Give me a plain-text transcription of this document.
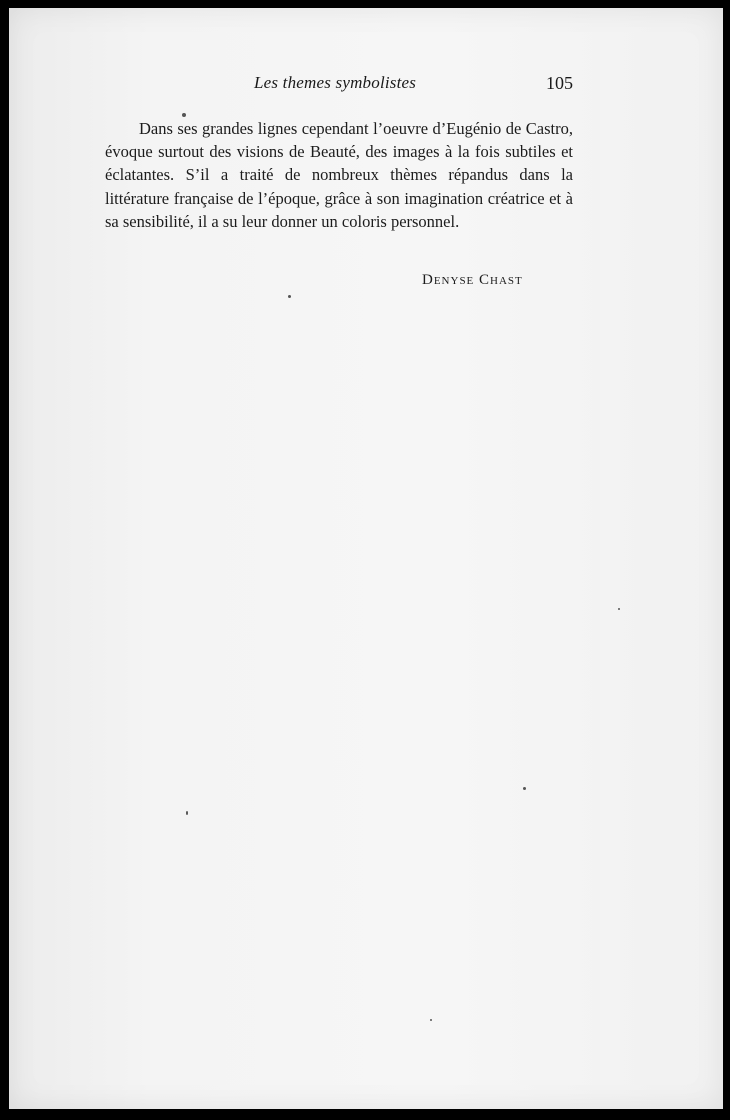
Les themes symbolistes	105

Dans ses grandes lignes cependant l’oeuvre d’Eugénio de Castro, évoque surtout des visions de Beauté, des images à la fois subtiles et éclatantes. S’il a traité de nombreux thèmes répandus dans la littérature française de l’époque, grâce à son imagination créatrice et à sa sensibilité, il a su leur donner un coloris personnel.

Denyse Chast
